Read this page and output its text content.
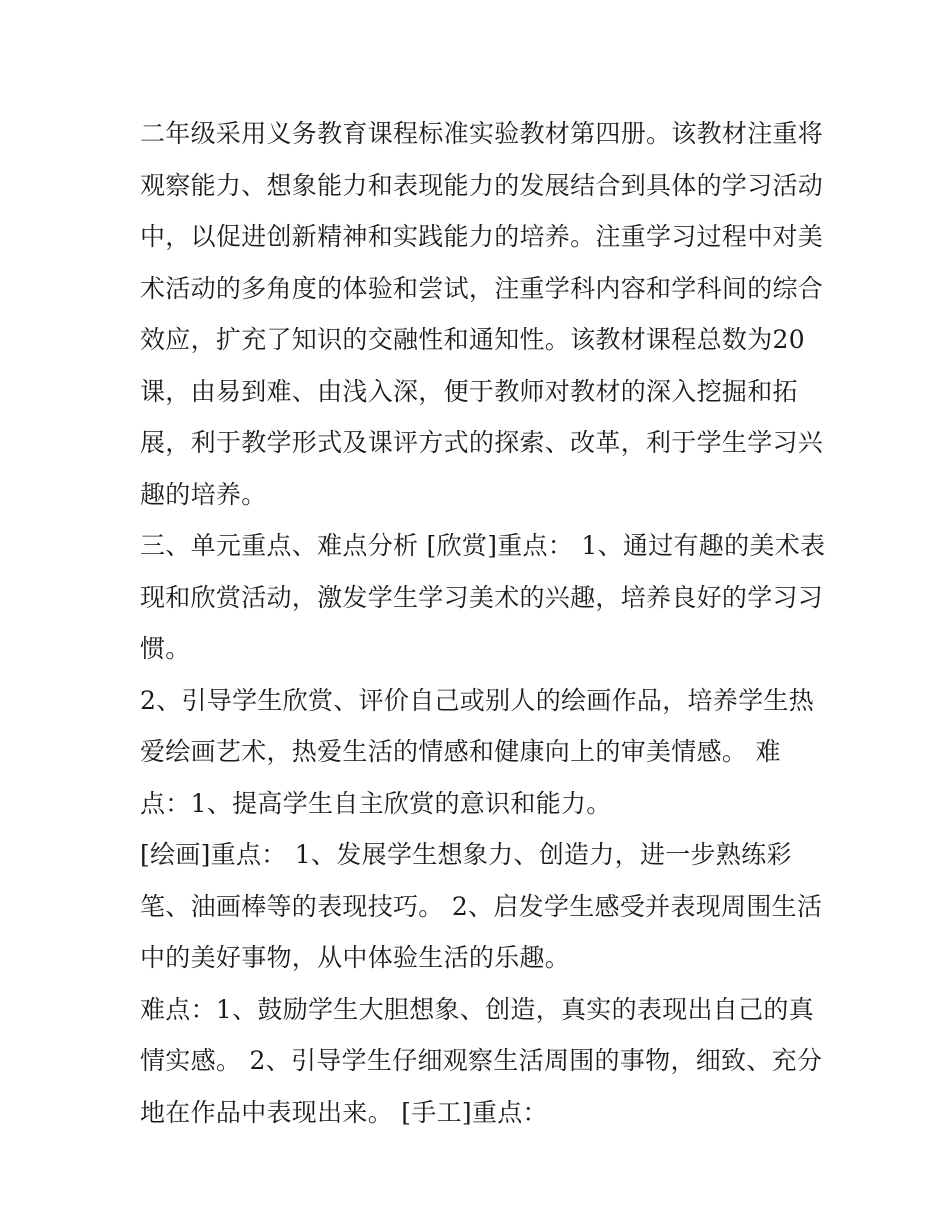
二年级采用义务教育课程标准实验教材第四册。该教材注重将
观察能力、想象能力和表现能力的发展结合到具体的学习活动
中，以促进创新精神和实践能力的培养。注重学习过程中对美
术活动的多角度的体验和尝试，注重学科内容和学科间的综合
效应，扩充了知识的交融性和通知性。该教材课程总数为20
课，由易到难、由浅入深，便于教师对教材的深入挖掘和拓
展，利于教学形式及课评方式的探索、改革，利于学生学习兴
趣的培养。

三、单元重点、难点分析 [欣赏]重点： 1、通过有趣的美术表
现和欣赏活动，激发学生学习美术的兴趣，培养良好的学习习
惯。

2、引导学生欣赏、评价自己或别人的绘画作品，培养学生热
爱绘画艺术，热爱生活的情感和健康向上的审美情感。 难
点：1、提高学生自主欣赏的意识和能力。

[绘画]重点： 1、发展学生想象力、创造力，进一步熟练彩
笔、油画棒等的表现技巧。 2、启发学生感受并表现周围生活
中的美好事物，从中体验生活的乐趣。

难点：1、鼓励学生大胆想象、创造，真实的表现出自己的真
情实感。 2、引导学生仔细观察生活周围的事物，细致、充分
地在作品中表现出来。 [手工]重点：
